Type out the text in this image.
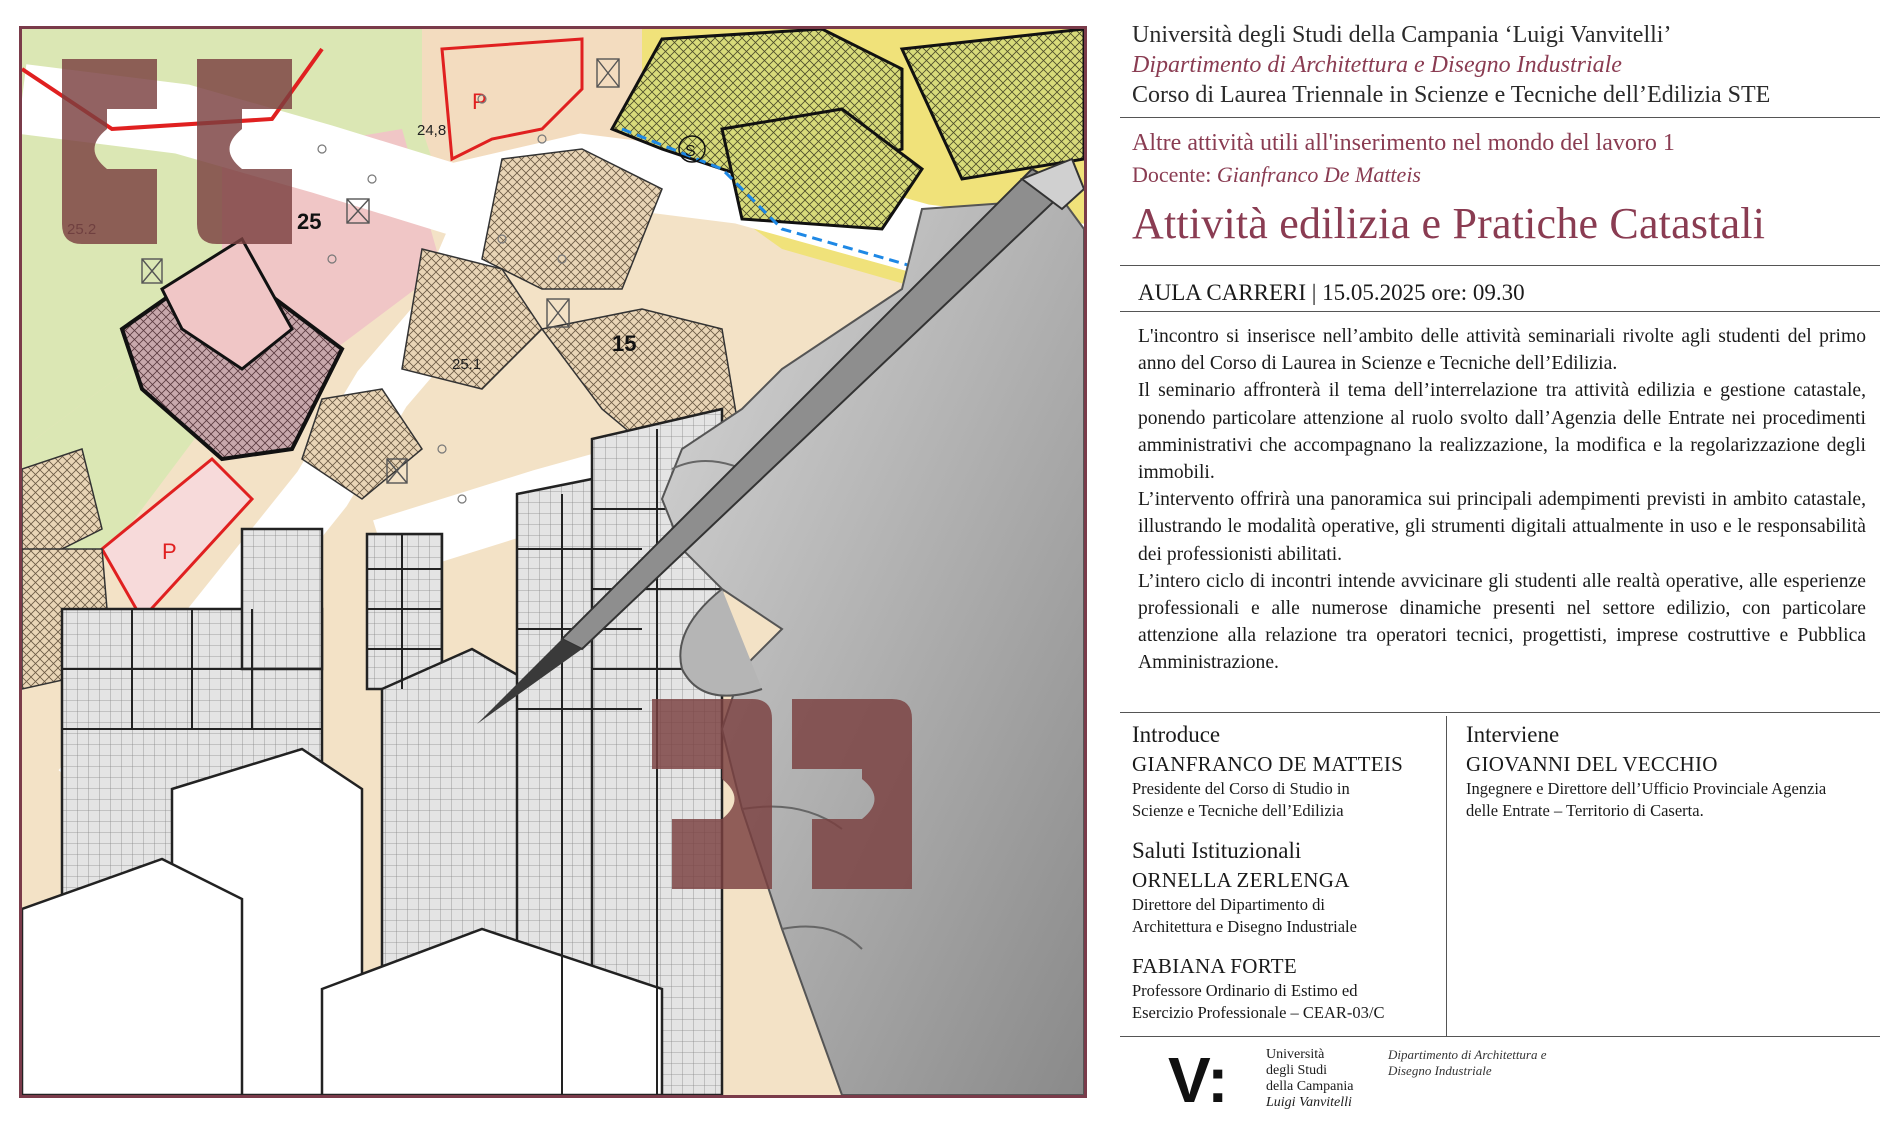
P
P
S
25
15
24,8
25.1
Università degli Studi della Campania ‘Luigi Vanvitelli’
Dipartimento di Architettura e Disegno Industriale
Corso di Laurea Triennale in Scienze e Tecniche dell’Edilizia STE
Altre attività utili all'inserimento nel mondo del lavoro 1
Docente: Gianfranco De Matteis
Attività edilizia e Pratiche Catastali
AULA CARRERI | 15.05.2025 ore: 09.30

L'incontro si inserisce nell’ambito delle attività seminariali rivolte agli studenti del primo anno del Corso di Laurea in Scienze e Tecniche dell’Edilizia.

Il seminario affronterà il tema dell’interrelazione tra attività edilizia e gestione catastale, ponendo particolare attenzione al ruolo svolto dall’Agenzia delle Entrate nei procedimenti amministrativi che accompagnano la realizzazione, la modifica e la regolarizzazione degli immobili.

L’intervento offrirà una panoramica sui principali adempimenti previsti in ambito catastale, illustrando le modalità operative, gli strumenti digitali attualmente in uso e le responsabilità dei professionisti abilitati.

L’intero ciclo di incontri intende avvicinare gli studenti alle realtà operative, alle esperienze professionali e alle numerose dinamiche presenti nel settore edilizio, con particolare attenzione alla relazione tra operatori tecnici, progettisti, imprese costruttive e Pubblica Amministrazione.

Introduce
GIANFRANCO DE MATTEIS
Presidente del Corso di Studio in
Scienze e Tecniche dell’Edilizia
Saluti Istituzionali
ORNELLA ZERLENGA
Direttore del Dipartimento di
Architettura e Disegno Industriale
FABIANA FORTE
Professore Ordinario di Estimo ed
Esercizio Professionale – CEAR-03/C
Interviene
GIOVANNI DEL VECCHIO
Ingegnere e Direttore dell’Ufficio Provinciale Agenzia
delle Entrate – Territorio di Caserta.
V:	Università
degli Studi
della Campania
Luigi Vanvitelli
Dipartimento di Architettura e
Disegno Industriale
